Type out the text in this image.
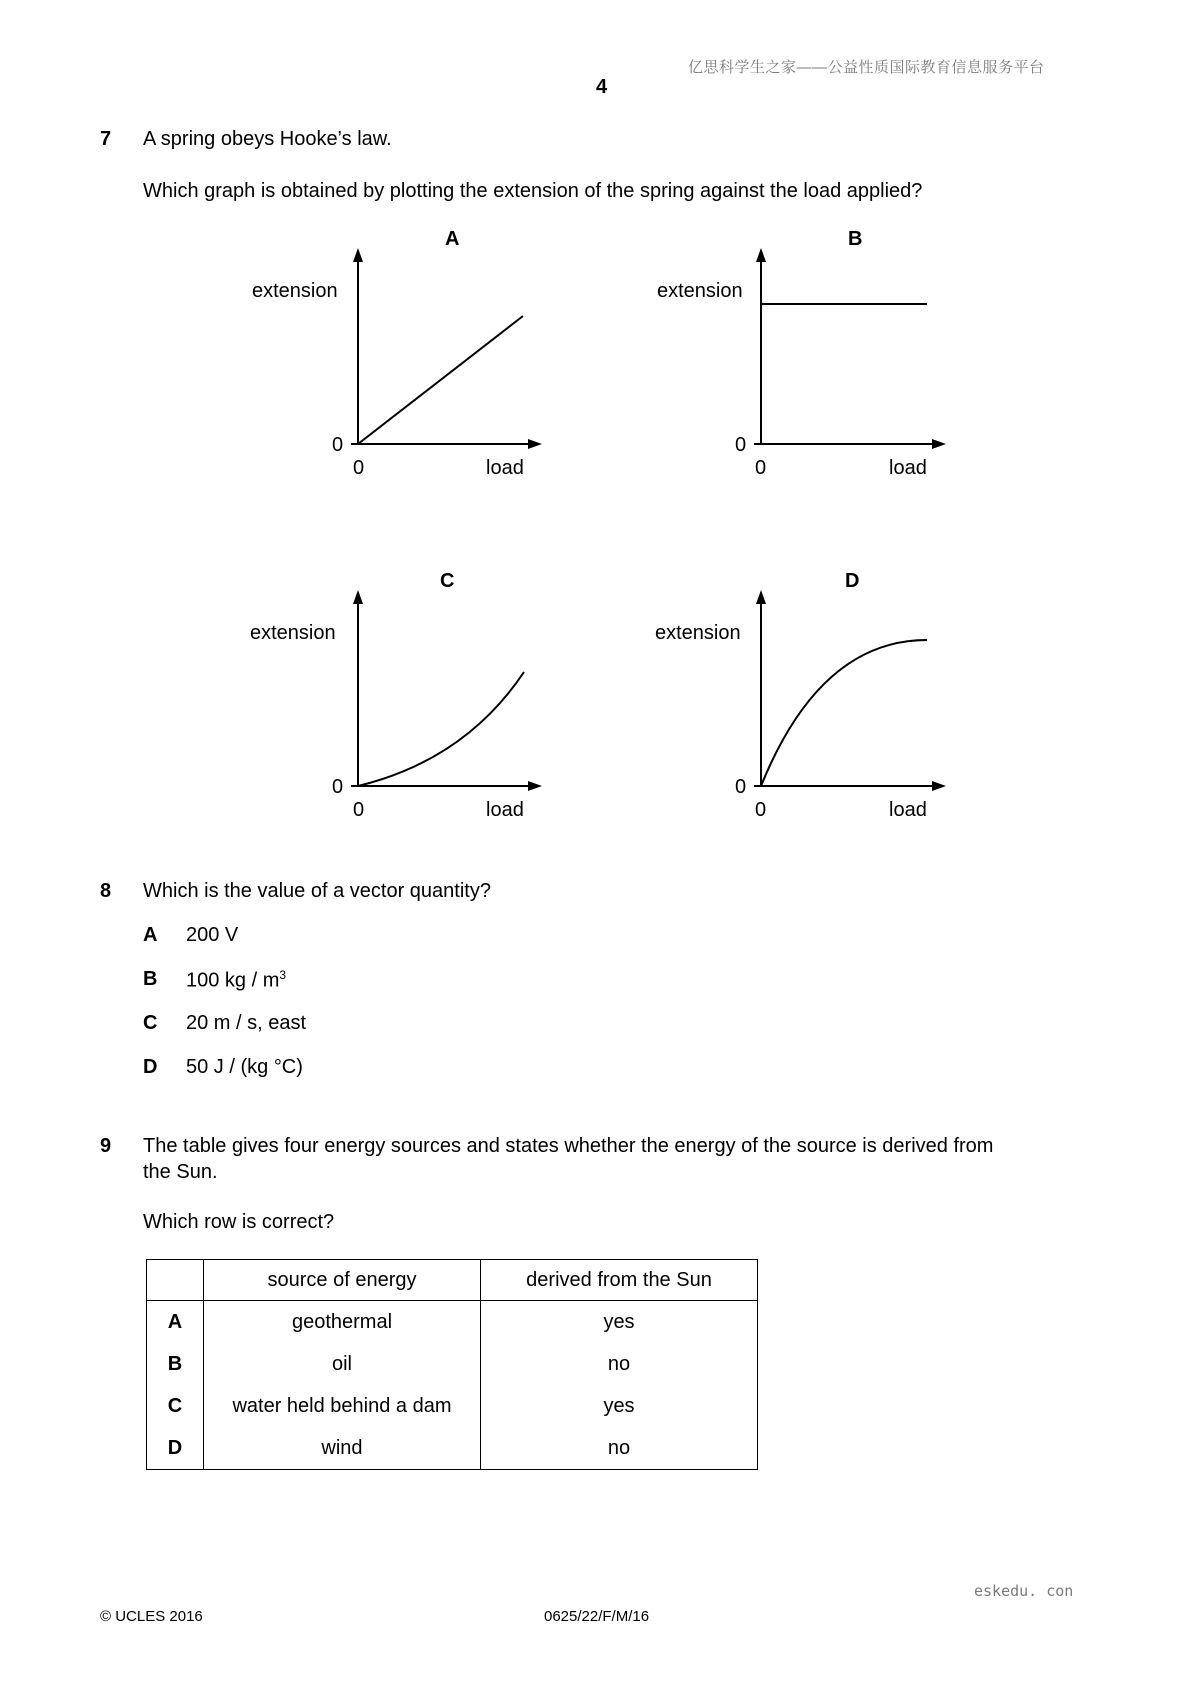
亿思科学生之家——公益性质国际教育信息服务平台
4
7 A spring obeys Hooke’s law.
Which graph is obtained by plotting the extension of the spring against the load applied?
A
extension
0
0	load
B
extension
0
0	load
C
extension
0
0	load
D
extension
0
0	load
8 Which is the value of a vector quantity?
A 200 V
B 100 kg / $m^3$
C 20 m / s, east
D 50 J / (kg °C)
9 The table gives four energy sources and states whether the energy of the source is derived from
the Sun.
Which row is correct?
	source of energy	derived from the Sun
A	geothermal	yes
B	oil	no
C	water held behind a dam	yes
D	wind	no
eskedu. con
© UCLES 2016	0625/22/F/M/16
